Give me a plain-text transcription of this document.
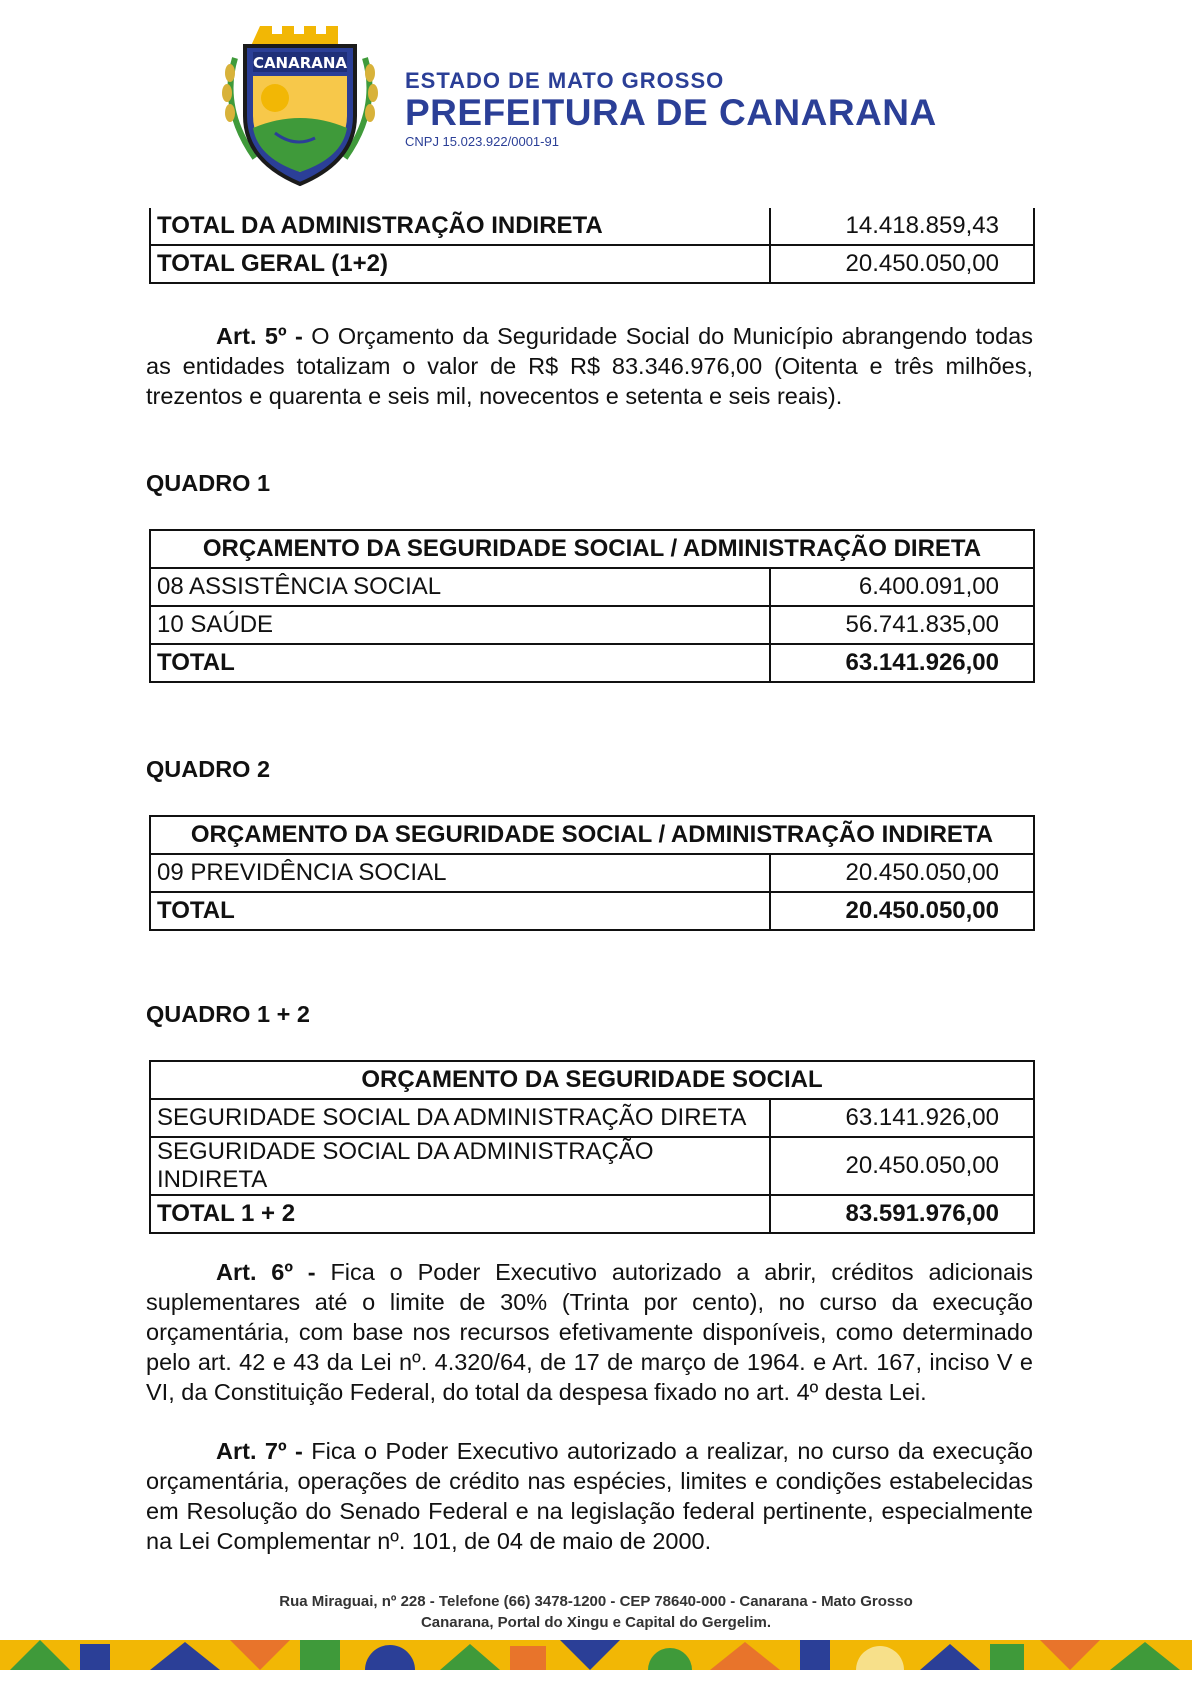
CANARANA
ESTADO DE MATO GROSSO
PREFEITURA DE CANARANA
CNPJ 15.023.922/0001-91
TOTAL DA ADMINISTRAÇÃO INDIRETA	14.418.859,43
TOTAL GERAL (1+2)	20.450.050,00
Art. 5º - O Orçamento da Seguridade Social do Município abrangendo todas as entidades totalizam o valor de R$ R$ 83.346.976,00 (Oitenta e três milhões, trezentos e quarenta e seis mil, novecentos e setenta e seis reais).
QUADRO 1
ORÇAMENTO DA SEGURIDADE SOCIAL / ADMINISTRAÇÃO DIRETA	
08 ASSISTÊNCIA SOCIAL	6.400.091,00
10 SAÚDE	56.741.835,00
TOTAL	63.141.926,00
QUADRO 2
ORÇAMENTO DA SEGURIDADE SOCIAL / ADMINISTRAÇÃO INDIRETA	
09 PREVIDÊNCIA SOCIAL	20.450.050,00
TOTAL	20.450.050,00
QUADRO 1 + 2
ORÇAMENTO DA SEGURIDADE SOCIAL	
SEGURIDADE SOCIAL DA ADMINISTRAÇÃO DIRETA	63.141.926,00
SEGURIDADE SOCIAL DA ADMINISTRAÇÃO INDIRETA	20.450.050,00
TOTAL 1 + 2	83.591.976,00
Art. 6º - Fica o Poder Executivo autorizado a abrir, créditos adicionais suplementares até o limite de 30% (Trinta por cento), no curso da execução orçamentária, com base nos recursos efetivamente disponíveis, como determinado pelo art. 42 e 43 da Lei nº. 4.320/64, de 17 de março de 1964. e Art. 167, inciso V e VI, da Constituição Federal, do total da despesa fixado no art. 4º desta Lei.
Art. 7º - Fica o Poder Executivo autorizado a realizar, no curso da execução orçamentária, operações de crédito nas espécies, limites e condições estabelecidas em Resolução do Senado Federal e na legislação federal pertinente, especialmente na Lei Complementar nº. 101, de 04 de maio de 2000.
Rua Miraguai, nº 228 - Telefone (66) 3478-1200 - CEP 78640-000 - Canarana - Mato Grosso
Canarana, Portal do Xingu e Capital do Gergelim.
